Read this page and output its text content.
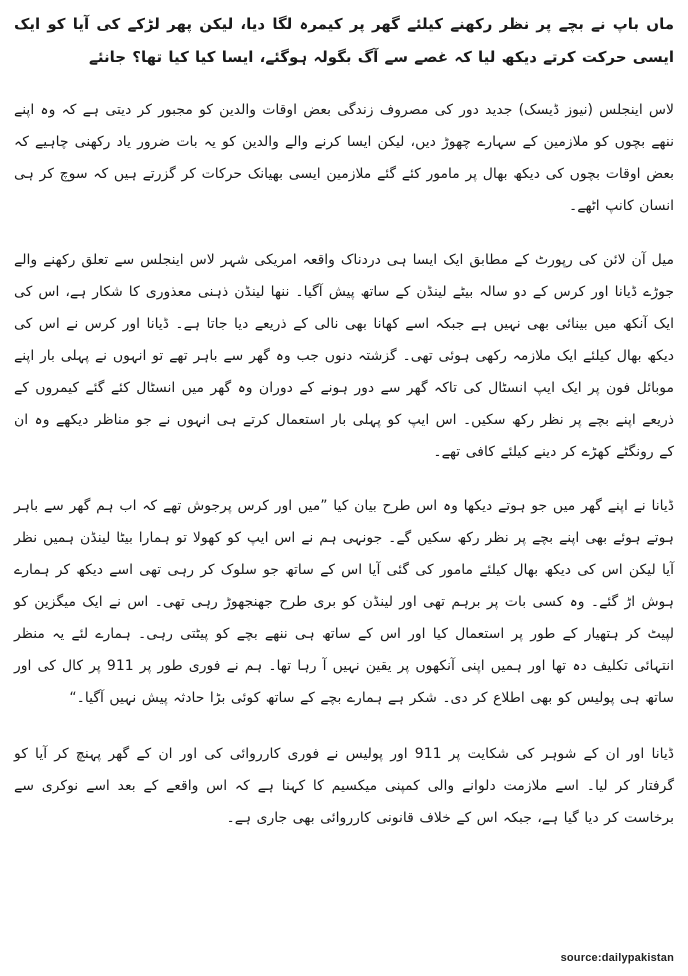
ماں باپ نے بچے پر نظر رکھنے کیلئے گھر پر کیمرہ لگا دیا، لیکن پھر لڑکے کی آیا کو ایک ایسی حرکت کرتے دیکھ لیا کہ غصے سے آگ بگولہ ہوگئے، ایسا کیا کیا تھا؟ جانئے

لاس اینجلس (نیوز ڈیسک) جدید دور کی مصروف زندگی بعض اوقات والدین کو مجبور کر دیتی ہے کہ وہ اپنے ننھے بچوں کو ملازمین کے سہارے چھوڑ دیں، لیکن ایسا کرنے والے والدین کو یہ بات ضرور یاد رکھنی چاہیے کہ بعض اوقات بچوں کی دیکھ بھال پر مامور کئے گئے ملازمین ایسی بھیانک حرکات کر گزرتے ہیں کہ سوچ کر ہی انسان کانپ اٹھے۔

میل آن لائن کی رپورٹ کے مطابق ایک ایسا ہی دردناک واقعہ امریکی شہر لاس اینجلس سے تعلق رکھنے والے جوڑے ڈیانا اور کرس کے دو سالہ بیٹے لینڈن کے ساتھ پیش آگیا۔ ننھا لینڈن ذہنی معذوری کا شکار ہے، اس کی ایک آنکھ میں بینائی بھی نہیں ہے جبکہ اسے کھانا بھی نالی کے ذریعے دیا جاتا ہے۔ ڈیانا اور کرس نے اس کی دیکھ بھال کیلئے ایک ملازمہ رکھی ہوئی تھی۔ گزشتہ دنوں جب وہ گھر سے باہر تھے تو انہوں نے پہلی بار اپنے موبائل فون پر ایک ایپ انسٹال کی تاکہ گھر سے دور ہونے کے دوران وہ گھر میں انسٹال کئے گئے کیمروں کے ذریعے اپنے بچے پر نظر رکھ سکیں۔ اس ایپ کو پہلی بار استعمال کرتے ہی انہوں نے جو مناظر دیکھے وہ ان کے رونگٹے کھڑے کر دینے کیلئے کافی تھے۔

ڈیانا نے اپنے گھر میں جو ہوتے دیکھا وہ اس طرح بیان کیا ”میں اور کرس پرجوش تھے کہ اب ہم گھر سے باہر ہوتے ہوئے بھی اپنے بچے پر نظر رکھ سکیں گے۔ جونہی ہم نے اس ایپ کو کھولا تو ہمارا بیٹا لینڈن ہمیں نظر آیا لیکن اس کی دیکھ بھال کیلئے مامور کی گئی آیا اس کے ساتھ جو سلوک کر رہی تھی اسے دیکھ کر ہمارے ہوش اڑ گئے۔ وہ کسی بات پر برہم تھی اور لینڈن کو بری طرح جھنجھوڑ رہی تھی۔ اس نے ایک میگزین کو لپیٹ کر ہتھیار کے طور پر استعمال کیا اور اس کے ساتھ ہی ننھے بچے کو پیٹتی رہی۔ ہمارے لئے یہ منظر انتہائی تکلیف دہ تھا اور ہمیں اپنی آنکھوں پر یقین نہیں آ رہا تھا۔ ہم نے فوری طور پر 911 پر کال کی اور ساتھ ہی پولیس کو بھی اطلاع کر دی۔ شکر ہے ہمارے بچے کے ساتھ کوئی بڑا حادثہ پیش نہیں آگیا۔“

ڈیانا اور ان کے شوہر کی شکایت پر 911 اور پولیس نے فوری کارروائی کی اور ان کے گھر پہنچ کر آیا کو گرفتار کر لیا۔ اسے ملازمت دلوانے والی کمپنی میکسیم کا کہنا ہے کہ اس واقعے کے بعد اسے نوکری سے برخاست کر دیا گیا ہے، جبکہ اس کے خلاف قانونی کارروائی بھی جاری ہے۔

source:dailypakistan
